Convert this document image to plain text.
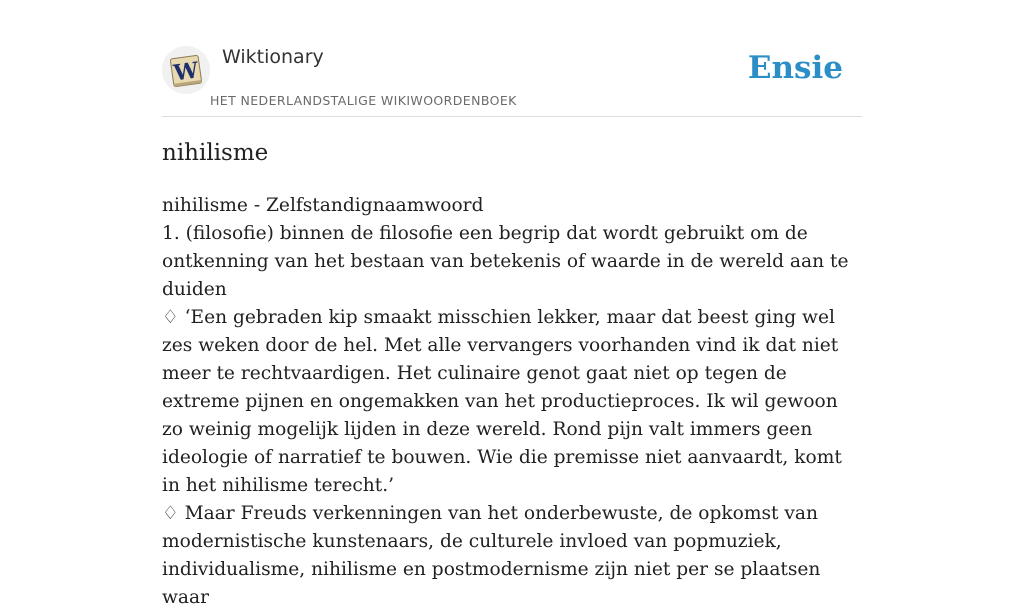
W
Wiktionary
HET NEDERLANDSTALIGE WIKIWOORDENBOEK
Ensie
nihilisme

nihilisme - Zelfstandignaamwoord

1. (filosofie) binnen de filosofie een begrip dat wordt gebruikt om de ontkenning van het bestaan van betekenis of waarde in de wereld aan te duiden

♢ ‘Een gebraden kip smaakt misschien lekker, maar dat beest ging wel zes weken door de hel. Met alle vervangers voorhanden vind ik dat niet meer te rechtvaardigen. Het culinaire genot gaat niet op tegen de extreme pijnen en ongemakken van het productieproces. Ik wil gewoon zo weinig mogelijk lijden in deze wereld. Rond pijn valt immers geen ideologie of narratief te bouwen. Wie die premisse niet aanvaardt, komt in het nihilisme terecht.’

♢ Maar Freuds verkenningen van het onderbewuste, de opkomst van modernistische kunstenaars, de culturele invloed van popmuziek, individualisme, nihilisme en postmodernisme zijn niet per se plaatsen waar
